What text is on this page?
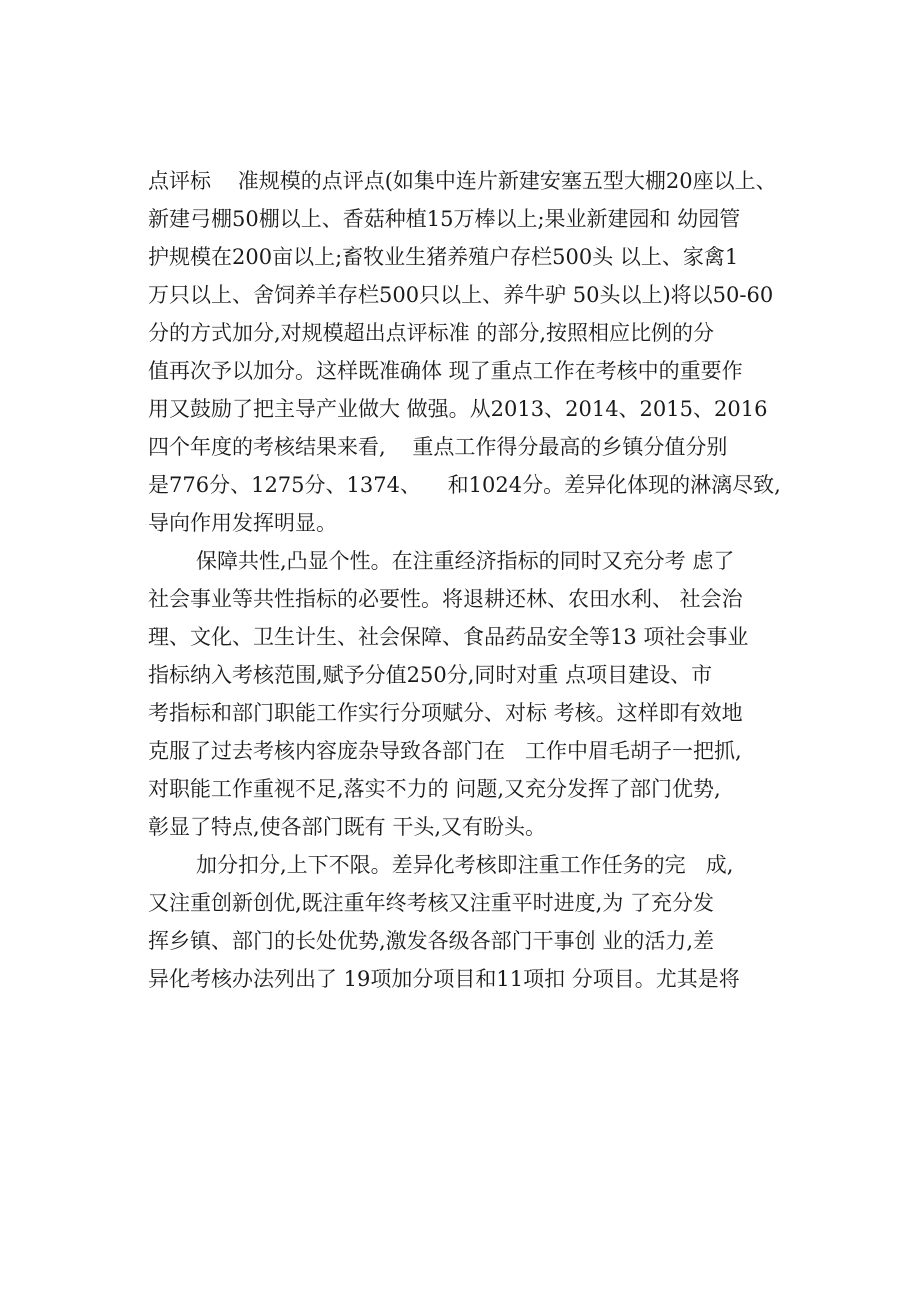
点评标    准规模的点评点(如集中连片新建安塞五型大棚20座以上、
新建弓棚50棚以上、香菇种植15万棒以上;果业新建园和 幼园管
护规模在200亩以上;畜牧业生猪养殖户存栏500头 以上、家禽1
万只以上、舍饲养羊存栏500只以上、养牛驴 50头以上)将以50-60
分的方式加分,对规模超出点评标准 的部分,按照相应比例的分
值再次予以加分。这样既准确体 现了重点工作在考核中的重要作
用又鼓励了把主导产业做大 做强。从2013、2014、2015、2016
四个年度的考核结果来看,    重点工作得分最高的乡镇分值分别
是776分、1275分、1374、    和1024分。差异化体现的淋漓尽致,
导向作用发挥明显。
保障共性,凸显个性。在注重经济指标的同时又充分考 虑了
社会事业等共性指标的必要性。将退耕还林、农田水利、 社会治
理、文化、卫生计生、社会保障、食品药品安全等13 项社会事业
指标纳入考核范围,赋予分值250分,同时对重 点项目建设、市
考指标和部门职能工作实行分项赋分、对标 考核。这样即有效地
克服了过去考核内容庞杂导致各部门在   工作中眉毛胡子一把抓,
对职能工作重视不足,落实不力的 问题,又充分发挥了部门优势,
彰显了特点,使各部门既有 干头,又有盼头。
加分扣分,上下不限。差异化考核即注重工作任务的完   成,
又注重创新创优,既注重年终考核又注重平时进度,为 了充分发
挥乡镇、部门的长处优势,激发各级各部门干事创 业的活力,差
异化考核办法列出了 19项加分项目和11项扣 分项目。尤其是将
